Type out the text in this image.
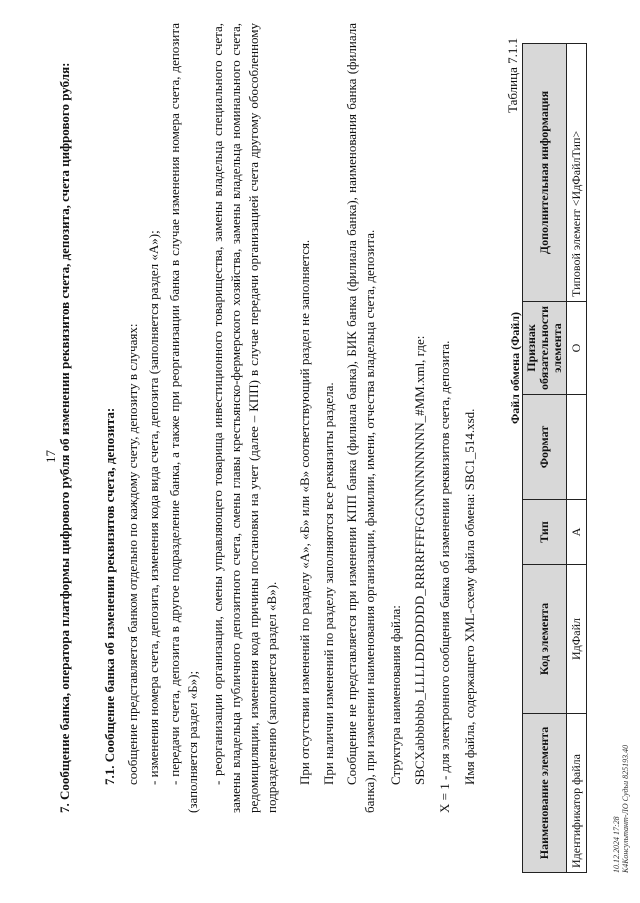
17 7. Сообщение банка, оператора платформы цифрового рубля об изменении реквизитов счета, депозита, счета цифрового рубля: 7.1. Сообщение банка об изменении реквизитов счета, депозита: сообщение представляется банком отдельно по каждому счету, депозиту в случаях: - изменения номера счета, депозита, изменения кода вида счета, депозита (заполняется раздел «А»); - передачи счета, депозита в другое подразделение банка, а также при реорганизации банка в случае изменения номера счета, депозита (заполняется раздел «Б»); - реорганизации организации, смены управляющего товарища инвестиционного товарищества, замены владельца специального счета, замены владельца публичного депозитного счета, смены главы крестьянско-фермерского хозяйства, замены владельца номинального счета, редомициляции, изменения кода причины постановки на учет (далее – КПП) в случае передачи организацией счета другому обособленному подразделению (заполняется раздел «В»). При отсутствии изменений по разделу «А», «Б» или «В» соответствующий раздел не заполняется. При наличии изменений по разделу заполняются все реквизиты раздела. Сообщение не представляется при изменении КПП банка (филиала банка), БИК банка (филиала банка), наименования банка (филиала банка), при изменении наименования организации, фамилии, имени, отчества владельца счета, депозита. Структура наименования файла: SBCXabbbbbbb_LLLLDDDDDDD_RRRRFFFFGGNNNNNNNNN_#MM.xml, где: X = 1 - для электронного сообщения банка об изменении реквизитов счета, депозита. Имя файла, содержащего XML-схему файла обмена: SBC1_514.xsd.
Таблица 7.1.1
Файл обмена (Файл)
Наименование элемента	Код элемента	Тип	Формат	Признак обязательности элемента	Дополнительная информация
Идентификатор файла	ИдФайл	А		О	Типовой элемент <ИдФайлТип>
10.12.2024 17:28 К4Консультант-ЛО Судьи 825193.40
